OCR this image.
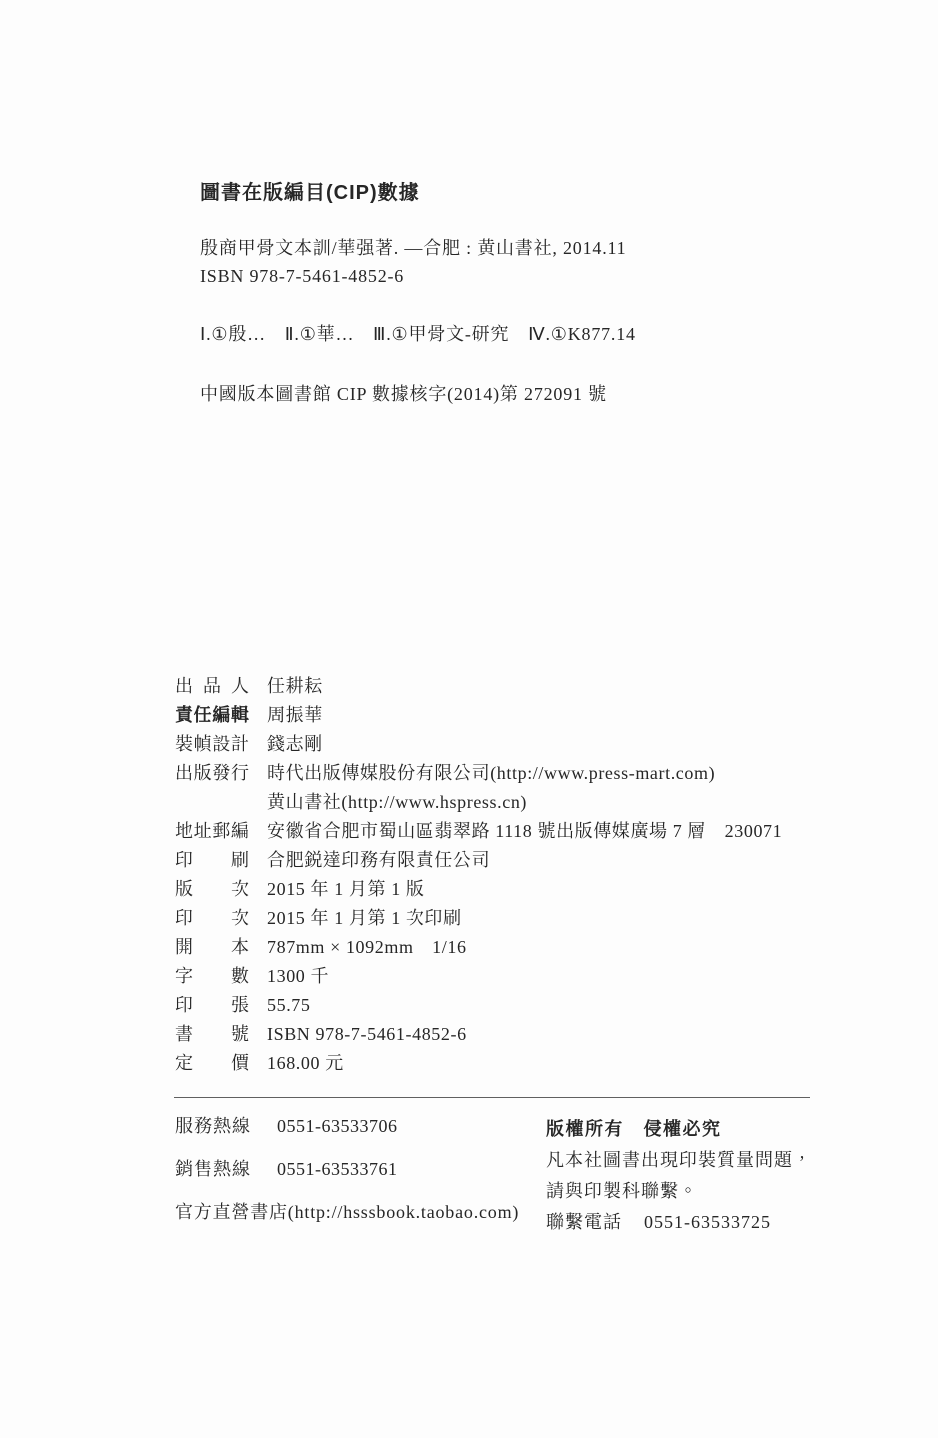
圖書在版編目(CIP)數據
殷商甲骨文本訓/華强著. —合肥 : 黄山書社, 2014.11
ISBN 978-7-5461-4852-6
Ⅰ.①殷…　Ⅱ.①華…　Ⅲ.①甲骨文-研究　Ⅳ.①K877.14
中國版本圖書館 CIP 數據核字(2014)第 272091 號
出品人 任耕耘
責任編輯 周振華
裝幀設計 錢志剛
出版發行 時代出版傳媒股份有限公司(http://www.press-mart.com)
黄山書社(http://www.hspress.cn)
地址郵編 安徽省合肥市蜀山區翡翠路 1118 號出版傳媒廣場 7 層　230071
印刷 合肥鋭達印務有限責任公司
版次 2015 年 1 月第 1 版
印次 2015 年 1 月第 1 次印刷
開本 787mm × 1092mm　1/16
字數 1300 千
印張 55.75
書號 ISBN 978-7-5461-4852-6
定價 168.00 元
服務熱線 0551-63533706
銷售熱線 0551-63533761
官方直營書店(http://hsssbook.taobao.com)
版權所有　侵權必究
凡本社圖書出現印裝質量問題，
請與印製科聯繫。
聯繫電話 0551-63533725
